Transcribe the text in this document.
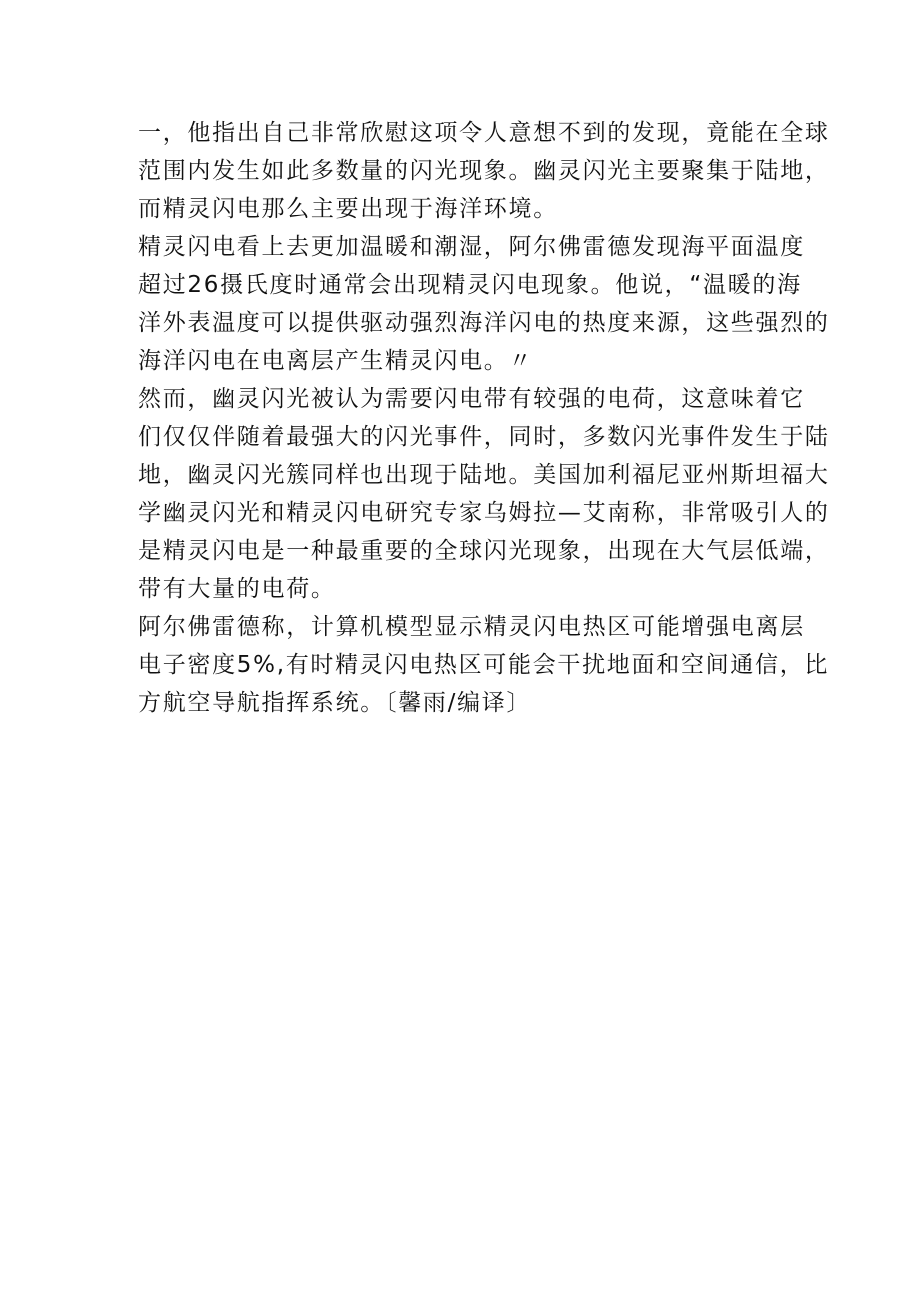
一，他指出自己非常欣慰这项令人意想不到的发现，竟能在全球
范围内发生如此多数量的闪光现象。幽灵闪光主要聚集于陆地，
而精灵闪电那么主要出现于海洋环境。
精灵闪电看上去更加温暖和潮湿，阿尔佛雷德发现海平面温度
超过26摄氏度时通常会出现精灵闪电现象。他说，“温暖的海
洋外表温度可以提供驱动强烈海洋闪电的热度来源，这些强烈的
海洋闪电在电离层产生精灵闪电。〃
然而，幽灵闪光被认为需要闪电带有较强的电荷，这意味着它
们仅仅伴随着最强大的闪光事件，同时，多数闪光事件发生于陆
地，幽灵闪光簇同样也出现于陆地。美国加利福尼亚州斯坦福大
学幽灵闪光和精灵闪电研究专家乌姆拉—艾南称，非常吸引人的
是精灵闪电是一种最重要的全球闪光现象，出现在大气层低端，
带有大量的电荷。
阿尔佛雷德称，计算机模型显示精灵闪电热区可能增强电离层
电子密度5%,有时精灵闪电热区可能会干扰地面和空间通信，比
方航空导航指挥系统。〔馨雨/编译〕
